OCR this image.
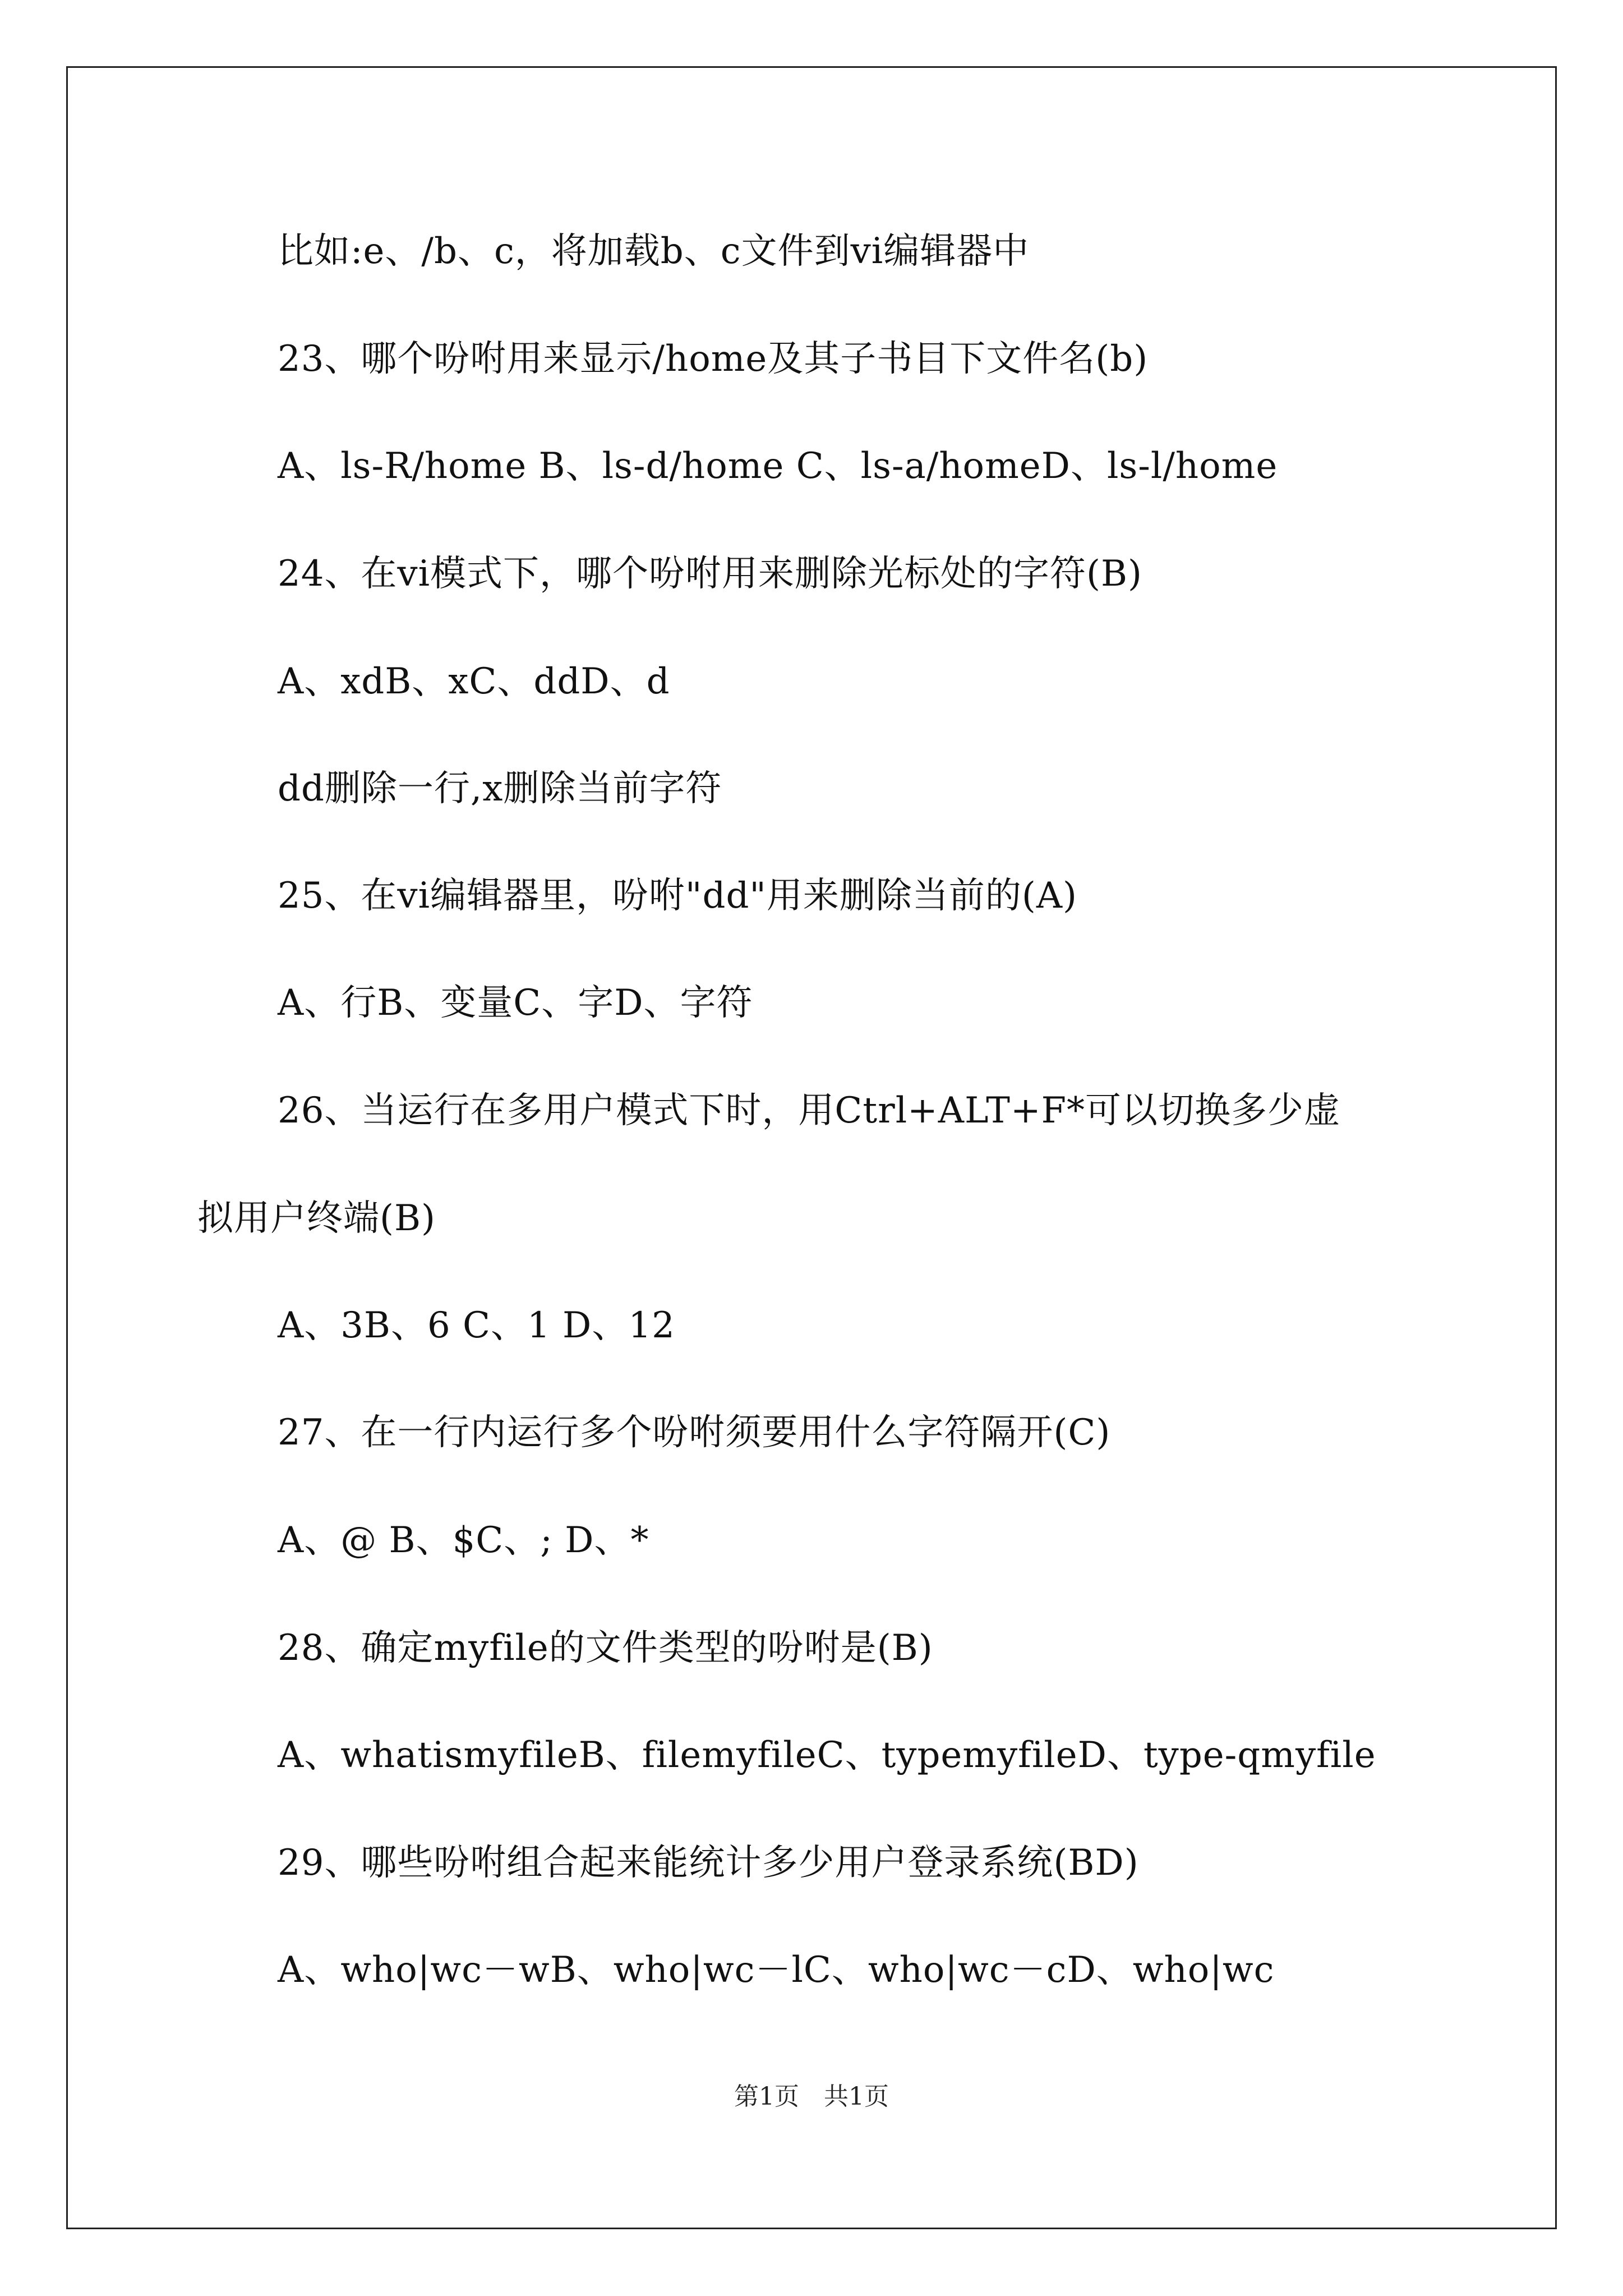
比如:e、/b、c，将加载b、c文件到vi编辑器中
23、哪个吩咐用来显示/home及其子书目下文件名(b)
A、ls-R/home B、ls-d/home C、ls-a/homeD、ls-l/home
24、在vi模式下，哪个吩咐用来删除光标处的字符(B)
A、xdB、xC、ddD、d
dd删除一行,x删除当前字符
25、在vi编辑器里，吩咐"dd"用来删除当前的(A)
A、行B、变量C、字D、字符
26、当运行在多用户模式下时，用Ctrl+ALT+F*可以切换多少虚
拟用户终端(B)
A、3B、6 C、1 D、12
27、在一行内运行多个吩咐须要用什么字符隔开(C)
A、@ B、$C、; D、*
28、确定myfile的文件类型的吩咐是(B)
A、whatismyfileB、filemyfileC、typemyfileD、type-qmyfile
29、哪些吩咐组合起来能统计多少用户登录系统(BD)
A、who|wc－wB、who|wc－lC、who|wc－cD、who|wc
第1页　共1页
